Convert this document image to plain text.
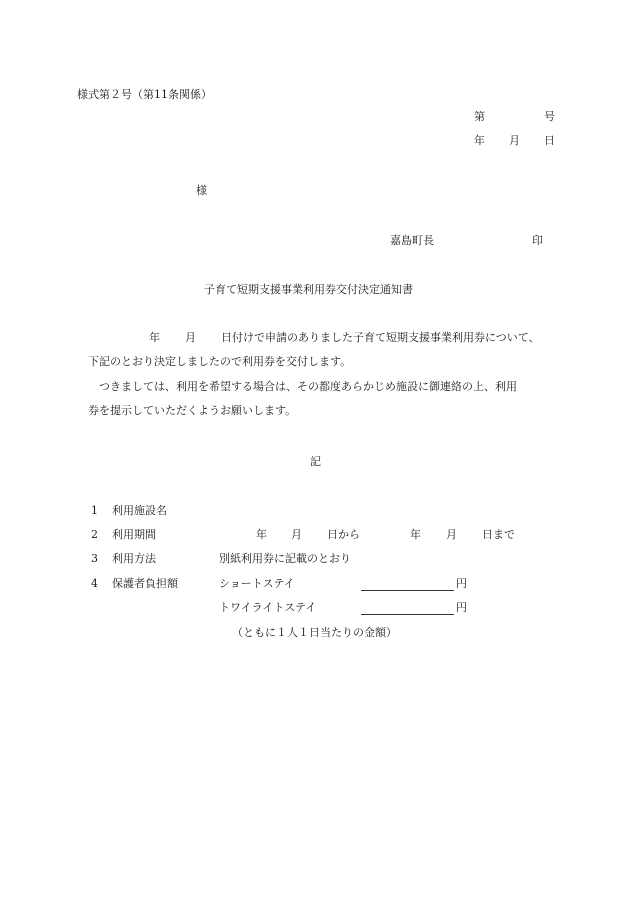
様式第２号（第11条関係）
第	号
年 月 日
様
嘉島町長	印
子育て短期支援事業利用券交付決定通知書
年 月 日付けで申請のありました子育て短期支援事業利用券について、
下記のとおり決定しましたので利用券を交付します。
つきましては、利用を希望する場合は、その都度あらかじめ施設に御連絡の上、利用
券を提示していただくようお願いします。
記
1 利用施設名
2 利用期間	年 月 日から	年 月 日まで
3 利用方法	別紙利用券に記載のとおり
4 保護者負担額	ショートステイ	円
トワイライトステイ	円
（ともに１人１日当たりの金額）
